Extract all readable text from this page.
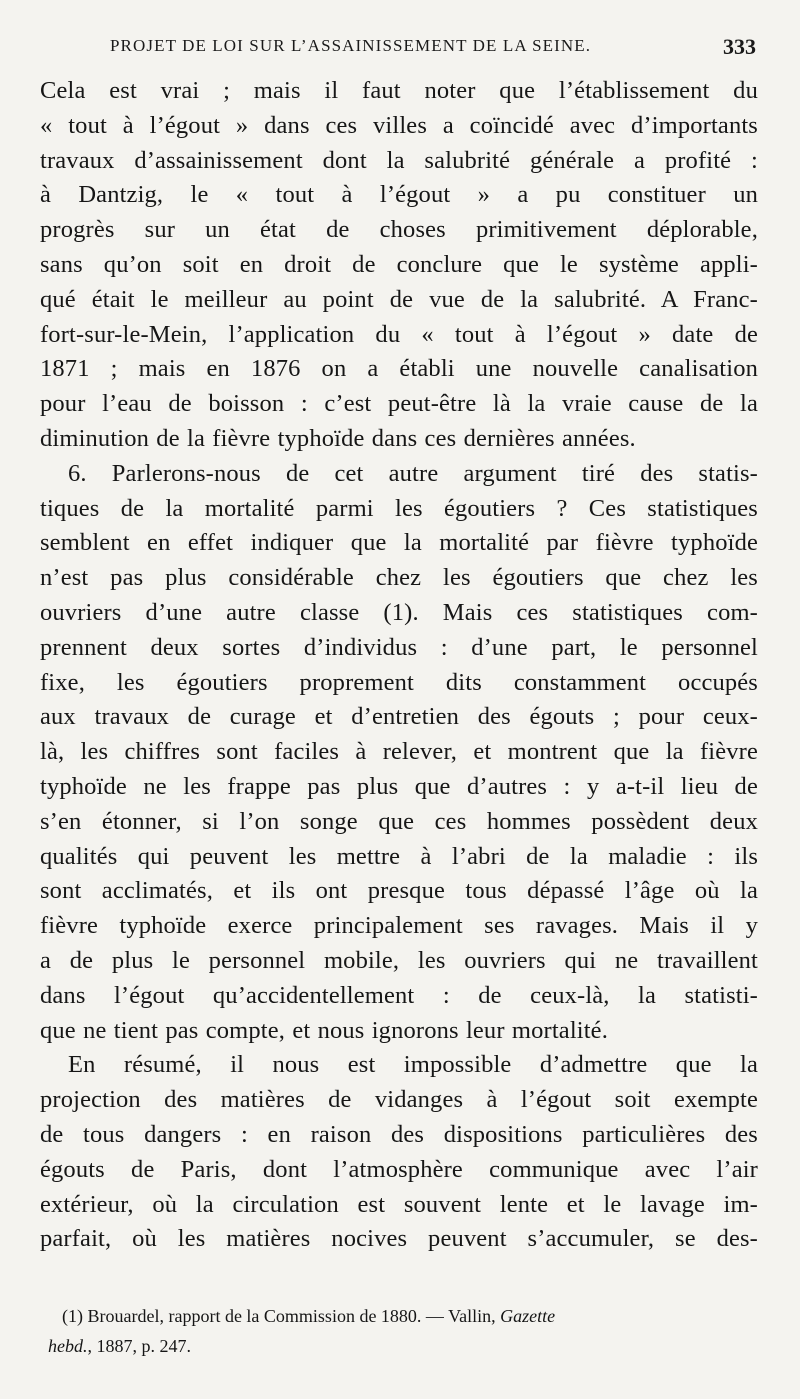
PROJET DE LOI SUR L’ASSAINISSEMENT DE LA SEINE.	333
Cela est vrai ; mais il faut noter que l’établissement du
« tout à l’égout » dans ces villes a coïncidé avec d’importants
travaux d’assainissement dont la salubrité générale a profité :
à Dantzig, le « tout à l’égout » a pu constituer un
progrès sur un état de choses primitivement déplorable,
sans qu’on soit en droit de conclure que le système appli-
qué était le meilleur au point de vue de la salubrité. A Franc-
fort-sur-le-Mein, l’application du « tout à l’égout » date de
1871 ; mais en 1876 on a établi une nouvelle canalisation
pour l’eau de boisson : c’est peut-être là la vraie cause de la
diminution de la fièvre typhoïde dans ces dernières années.
6. Parlerons-nous de cet autre argument tiré des statis-
tiques de la mortalité parmi les égoutiers ? Ces statistiques
semblent en effet indiquer que la mortalité par fièvre typhoïde
n’est pas plus considérable chez les égoutiers que chez les
ouvriers d’une autre classe (1). Mais ces statistiques com-
prennent deux sortes d’individus : d’une part, le personnel
fixe, les égoutiers proprement dits constamment occupés
aux travaux de curage et d’entretien des égouts ; pour ceux-
là, les chiffres sont faciles à relever, et montrent que la fièvre
typhoïde ne les frappe pas plus que d’autres : y a-t-il lieu de
s’en étonner, si l’on songe que ces hommes possèdent deux
qualités qui peuvent les mettre à l’abri de la maladie : ils
sont acclimatés, et ils ont presque tous dépassé l’âge où la
fièvre typhoïde exerce principalement ses ravages. Mais il y
a de plus le personnel mobile, les ouvriers qui ne travaillent
dans l’égout qu’accidentellement : de ceux-là, la statisti-
que ne tient pas compte, et nous ignorons leur mortalité.
En résumé, il nous est impossible d’admettre que la
projection des matières de vidanges à l’égout soit exempte
de tous dangers : en raison des dispositions particulières des
égouts de Paris, dont l’atmosphère communique avec l’air
extérieur, où la circulation est souvent lente et le lavage im-
parfait, où les matières nocives peuvent s’accumuler, se des-
(1) Brouardel, rapport de la Commission de 1880. — Vallin, Gazette
hebd., 1887, p. 247.
